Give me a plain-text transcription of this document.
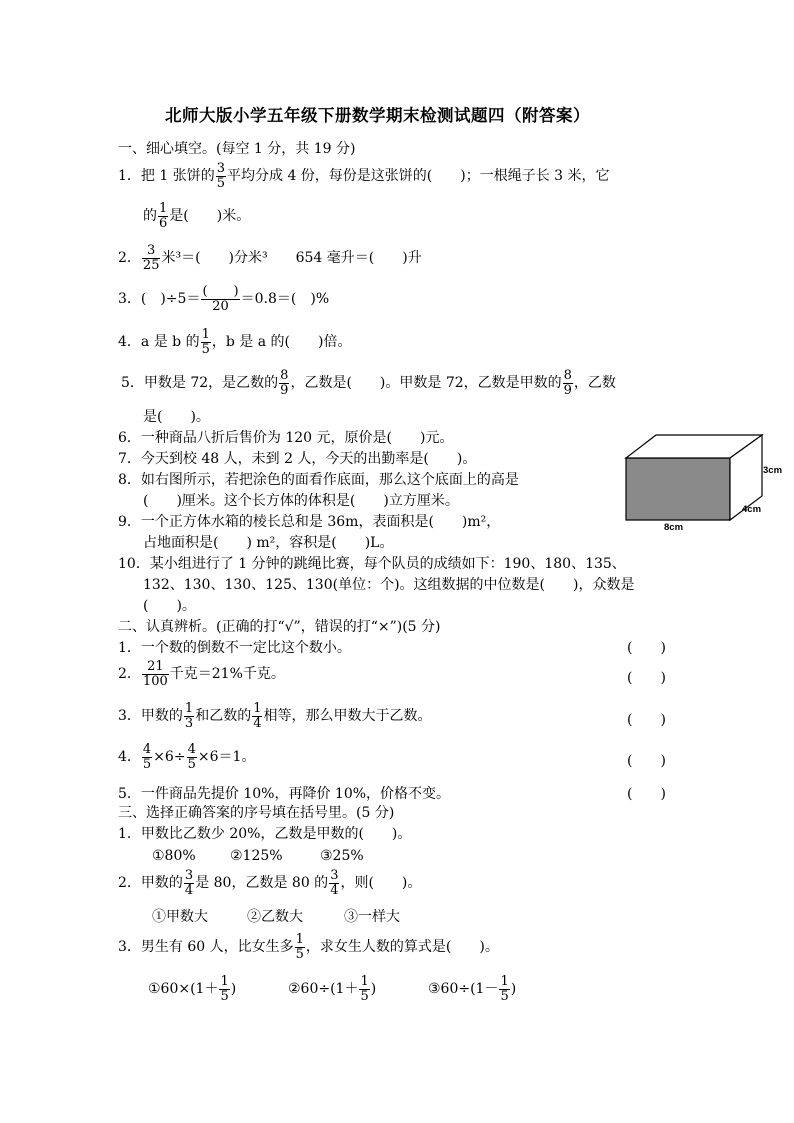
北师大版小学五年级下册数学期末检测试题四（附答案）
一、细心填空。(每空 1 分，共 19 分)
1．把 1 张饼的 $\frac{3}{5}$ 平均分成 4 份，每份是这张饼的(　　)；一根绳子长 3 米，它
的 $\frac{1}{6}$ 是(　　)米。
2． $\frac{3}{25}$ 米³＝(　　)分米³　　654 毫升＝(　　)升
3．(　)$\div 5= \frac{( )}{20} =0.8=$(　)%
4．a 是 b 的 $\frac{1}{5}$ ，b 是 a 的(　　)倍。
5．甲数是 72，是乙数的 $\frac{8}{9}$ ，乙数是(　　)。甲数是 72，乙数是甲数的 $\frac{8}{9}$ ，乙数
是(　　)。
6．一种商品八折后售价为 120 元，原价是(　　)元。
7．今天到校 48 人，未到 2 人，今天的出勤率是(　　)。
8．如右图所示，若把涂色的面看作底面，那么这个底面上的高是
(　　)厘米。这个长方体的体积是(　　)立方厘米。
9．一个正方体水箱的棱长总和是 36m，表面积是(　　)m²，
占地面积是(　　) m²，容积是(　　)L。
10．某小组进行了 1 分钟的跳绳比赛，每个队员的成绩如下：190、180、135、
132、130、130、125、130(单位：个)。这组数据的中位数是(　　)，众数是
(　　)。
3cm
4cm
8cm
二、认真辨析。(正确的打“√”，错误的打“×”)(5 分)
1．一个数的倒数不一定比这个数小。	(　　)
2． $\frac{21}{100}$ 千克＝21%千克。	(　　)
3．甲数的 $\frac{1}{3}$ 和乙数的 $\frac{1}{4}$ 相等，那么甲数大于乙数。	(　　)
4． $\frac{4}{5} \times 6\div \frac{4}{5} \times 6=1$。	(　　)
5．一件商品先提价 10%，再降价 10%，价格不变。	(　　)
三、选择正确答案的序号填在括号里。(5 分)
1．甲数比乙数少 20%，乙数是甲数的(　　)。
①80% ②125%	③25%
2．甲数的 $\frac{3}{4}$ 是 80，乙数是 80 的 $\frac{3}{4}$ ，则(　　)。
①甲数大	②乙数大	③一样大
3．男生有 60 人，比女生多 $\frac{1}{5}$ ，求女生人数的算式是(　　)。
①60×(1＋ $\frac{1}{5}$ )	②60÷(1＋ $\frac{1}{5}$ )	③60÷(1－ $\frac{1}{5}$ )
